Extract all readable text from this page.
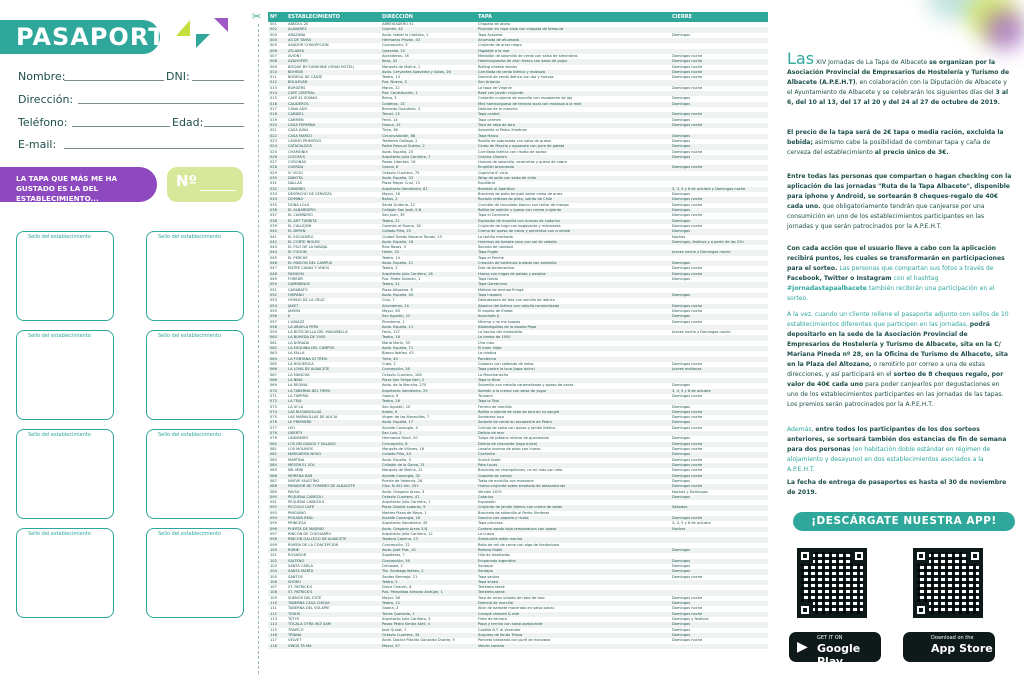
PASAPORTE
Nombre:	DNI:
Dirección:
Teléfono:	Edad:
E-mail:
LA TAPA QUE MÁS ME HA GUSTADO ES LA DEL ESTABLECIMIENTO...
Nº
Sello del establecimiento	Sello del establecimiento
Sello del establecimiento	Sello del establecimiento
Sello del establecimiento	Sello del establecimiento
Sello del establecimiento	Sello del establecimiento
✂ Nº	ESTABLECIMIENTO	DIRECCIÓN	TAPA	CIERRE
001	ABEDUL 20	ABREVIADERO 51	Chapata de otoño
002	ALAVAREZ	Carmen, 42	Picantón en ropa vieja con chapata de tempura
003	ARAZANA	Avda. Isabel la Católica, 1	Tapa Arazana	Domingos
004	AS DE TAPAS	Hermanos Pinzón, 43	Ahumado de ahumado
005	ASADOR CONCEPCIÓN	Concepción, 3	Crujiente de arroz negro
006	ATLANTA	Quevedo, 22	Higaldije a la mar
007	AVIÓN I	Alcanderos, 16	Medallón de solomillo de cerdo con salsa de almendras	Domingos noche
008	AZAHOFÉR	Ibiza, 42	Hamburguesita de atún fresco con salsa de yogur	Domingos noche
009	BISQUE BY SUNSHINE (GRAN HOTEL)	Marqués de Molins, 1	Rolling cheese stones	Domingos noche
010	BOHEDE	Avda. Cervantes Saavedra y Sotos, 26	Carrillada de cerdo ibérico y mostaza	Domingos noche
011	BODEGA DE CÁDIZ	Teatro, 14	Dominó de cerdo ibérico con ibo y huevos	Domingos noche
012	BOULEVAR	Pza. Nueva, 3	San Antonio
013	BURGERS	Marzo, 22	La tapa de Virginie	Domingos noche
014	CAFÉ CENTRAL	Pza. Constitución, 1	Rosé con jamón crujiente
015	CAFÉ EL SOMAO	Reina, 3	Cardelán crujiente de morcilla con escabeche de ajo	Domingos
016	CALIDEROS	Calderos, 13	Mini hamburguesa de ternera local con mostaza a la miel	Domingos
017	CAÑA ADO	Bernedo Guardiola, 3	Delicias de la mancha
018	CARDIEL	Teruel, 13	Tapa cardiel	Domingos noche
019	CARMEN	Feria, 14	Tapa carmen	Domingos
020	CASA FERMINA	Gaona, 15	Taco de rabo de toro	Domingos noche
021	CASA JUAN	Tinte, 36	Solomillo al Pedro Ximénez
022	CASA MARCO	Circunvalación, 86	Tapa Marco	Domingos
023	CASINO PRIMITIVO	Tesifonte Gallego, 2	Rodillo de sobrasada con salsa de queso	Domingos
024	CATACALDOS	Padre Pascual Suárez, 2	Cerdo de Mezcla y aguacate con pure de patata	Domingos
025	CHAMONIX	Avda. España, 20	Carrillada ibérica con risotto de queso	Domingos noche
026	CLEOFA'S	Arquitecto Julio Carrilero, 7	Concha Cleofa's	Domingos
027	CORONAS	Paseo Libertad, 16	Huevos de solomillo, verduritas y queso de cabra
028	CUERDA	Gracia, 6	Empiñón bronceado	Domingos noche
029	D' VICIO	Octavio Cuartero, 75	Capricho d' vicio
030	DAKOTA	Avda. España, 33	Wrap de pollo con salsa de chile
031	DALLAS	Plaza Mayor Cruz, 13	Equilibrio
032	DIMARBO	Arquitecto Vandelvira, 61	Bombón al Aperitivo	3, 4, 5 y 6 de octubre y Domingos noche
033	DESPACHO DE CERVEZA	Mayor, 16	Brocheta de pollo teriyaki sobre cama de arroz	Domingos
034	DOMINO	Baños, 2	Raviolis rellenos de pisto, sofrito de Chile	Domingos noche
035	DOÑA LOLA	Santa Quiteria, 22	Crumble de chocolate blanco con tartar de mango	Domingos noche
036	EL ALBARDERO	Callejón San José, 5-N	Rollito de salmón y queso con crema crujiente	Domingos
037	EL CAMINERO	San Juan, 39	Tapa el Caminero	Domingos noche
038	EL ART TURBITA	Teatro, 21	Explosión de morcilla con huevos de codorniz	Domingos
039	EL CALLEJÓN	Guzmán el Bueno, 18	Crujiente de trigo con bogavante y mahonesa	Domingos noche
040	EL DIPIEN	Collado Piña, 25	Crema de queso de cabra y pimientos con crumble	Domingos
041	EL ESCUDERO	Ciudad Tomás Navarro Tomás, 13	La tortilla mechada	Noches
042	EL CORTE INGLÉS	Avda. España, 18	Hummus de tomate seco con sal de cebolla	Domingos, festivos y a partir de las 22h
043	EL FILO DE LA NAVAJA	Ríos Rosas, 3	Sacarto de navidad
044	EL FOGÓN	Hellín, 25	Tapa Fogón	Jueves noche y Domingos noche
045	EL PERCHE	Teatro, 14	Tapa el Perche
046	EL RINCÓN DEL CAMPUS	Avda. España, 21	Creación de tubérculo trufado con solomillo	Domingos
047	ENTRE CAÑAS Y VINOS	Teatro, 2	Dúo de berberechos	Domingos noche
048	FASHION	Arquitecto Julio Carrilero, 16	Huevo con migas de patata y patatas	Domingos noche
049	FOREDR	Pza. Padre Damián, 1	Tapa forbio	Domingos
050	GAMBRINUS	Teatro, 21	Tapa Gambrinus
051	GARABATO	Plaza Altozano, 8	Mollete de anchoa Pringá
052	HISPANO	Avda. España, 45	Tapa hispano	Domingos
053	HORNO DE LA CRUZ	Cruz, 7	Delicatessen de foie con semilla de ibérico
054	JAKET	Alcanderos, 14	Abanico del ibérico con cebolla caramelizada	Domingos noche
055	JAMÓN	Mayor, 63	El espeto de Eneba	Domingos noche
056	JI	San Agustín, 12	Alcachofa JI	Domingos
057	L'ARIAZZ	Pinedrena, 1	Mínimo y no me toques	Domingos noche
058	LA ABUELA PEPA	Avda. España, 11	Albóndiguillas de la abuela Pepa
059	LA BOTICUELLA DEL MADUBELLA	Feria, 127	La bocina del madubella	Jueves noche y Domingos noche
060	LA BÚHEDA DE 1950	Teatro, 16	La bimba de 1950
061	LA DORADA	María Marín, 55	Una más
062	LA ESQUINA DEL CAMPUS	Avda. España, 71	El buen hijito
063	LA FALLA	Blasco Ibáñez, 43	La mística
064	LA FONTANA DI TREVI	Tinte, 40	Ponderina
065	LA HIGUERICA	Cuba, 2	Calamar con salteado de setas	Domingos noche
066	LA LONA DE ALBACETE	Concepción, 28	Tapa postre la lona (tapa dulce)	Jueves mañanas
067	LA MANCHA	Octavio Cuartero, 106	La Manchanecha
068	LA NINA	Plaza San Felipe Neri, 2	Tapa la Nina
069	LA REGINA	Avda. de la Mancha, 270	Solomillo con cebolla caramelizada y queso de cabra	Domingos
070	LA TABERNA DEL TIRPA	Arquitecto Vandelvira, 29	Salmón a la crema con salsa de yogur	3, 4, 5 y 6 de octubre
071	LA TAPERIA	Gaona, 9	Tsunami	Domingos noche
072	LA TEJA	Teatro, 26	Tapa la Teja
073	LA UÍ LA	San Agustín, 10	Ferrero de morcilla	Domingos
074	LAS BUGANVILLAS	Arado, 9	Rollito crujiente de rabo de toro en su sangre	Domingos noche
075	LAS MARAVILLAS DE ALICIA	Virgen de las Maravillas, 7	Sombrero loco	Domingos noche
076	LE PREMIERE	Avda. España, 17	Sorbete de cerdo en escabeche de Pedro	Domingos
077	LEO	Alcalde Conangla, 4	Cartuja de salsa con queso y jamón ibérico	Domingos noche
078	LIBERTY	San Luis, 2	Delicia de mar
079	LINDMEIRO	Hermanos Falcó, 20	Tulipa de plátano relleno de guacamole	Domingos
080	LOS DELGADOS Y SALADO	Concepción, 6	Delicia de chocolate (tapa dulce)	Domingos noche
081	LOS MOLINOS	Marqués de Villores, 16	Lasaña inversa de pisto con huevo	Domingos noche
082	MARGARITA NOVO	Collado Piña, 43	Cochinita	Domingos
083	MARTINA	Avda. España, 3	Scotch Ibote	Domingos noche
084	MESÓN EL SOL	Callejón de la Garza, 21	Pato Lucas	Domingos noche
085	MIL MINI	Marqués de Molins, 12	Brocheta de champiñones, no mi más con velo	Domingos noche
086	MORENA BAR	Alcalde Conangla, 32	Coqueta de conejo	Domingos noche
087	NUEVE FAUSTINO	Puerta de Valencia, 26	Tosta de morcilla con manzana	Domingos
088	PARADOR DE TURISMO DE ALBACETE	Ctra. N-301 km. 251	Huevo crujiente sobre ensalada de atascaburras	Domingos noche
089	PAVSA	Avda. Gregorio Arcos, 3	Versión 2019	Noches y Domingos
090	PEQUEÑA CABEZA I	Octavio Cuartero, 41	Catarina	Domingos
091	PEQUEÑA CABEZA II	Arquitecto Julio Carrilero, 1	Expresión
092	PICCOLO CAFÉ	Plaza Gabriel Lodares, 9	Crujiente de jamón ibérico con crema de setas	Sábados
093	PINGÜINO	Madres Plaza de Mayo, 1	Brocheta de solomillo al Pedro Ximénez
094	POSADA REAL	Alcalde Conangla, 18	Gancho con papada y ricota	Domingos noche
095	PRINCESA	Arquitecto Vandelvira, 45	Tapa princesa	3, 4, 5 y 6 de octubre
096	PUERTA DE MADRID	Avda. Gregorio Arcos 3-N	Cordero asado baja temperatura con queso	Noches
097	RINCÓN DE CHICHARRO	Arquitecto Julio Carrilero, 12	La cueva
098	RINCÓN GALLEGO DE ALBACETE	Teodoro Camino, 13	Zamburiña estilo marina
099	RIVERA DE LA CONCEPCIÓN	Concepción, 22	Rollo de roll de carne con aigo de hierbaluisa
100	RUBIK	Avda. José Prat, 10	Relleno Rubik	Domingos
101	ROSADOR	Zapateros, 7	Hilo de lasañadas
102	SALTEÑO	Concepción, 26	Empanada argentina	Domingos
103	SANTA CARLA	Ormosea, 2	Santapa	Domingos
104	SANTA MARTA	Tte. Santiago Ibáñez, 2	Santapa	Domingos
105	SANTOS	Santos Bermejo, 21	Tapa santos	Domingos noche
106	SHOKO	Teatro, 5	Tapa shoko
107	ST. PATRICK'S	Dulce Chacón, 8	Tarteleta-steak
108	ST. PATRICK'S	Pza. Periodista Antonio Andújar, 1	Tarteleta-steak
109	SUEÑOS DEL ESTE	Mayor, 58	Taco de arroz untado de rabo de toro	Domingos noche
110	TABERNA CASA CHIQUI	Teatro, 12	Dominó de morcilla	Domingos
111	TABERNA DEL VOLAPIÉ	Gaona, 3	Atún de barbate macerado en salsa ponzu	Domingos noche
112	TEDHS	Torres Quevedo, 1	Canapé cheviee & ride	Domingos noche
113	TETYS	Arquitecto Julio Carrilero, 3	Flete de ternera	Domingos y festivos
114	TOCALA OTRA VEZ SAM	Paseo Pedro Simón Abril, 4	Papa y terrina con salsa agripicante	Domingos
115	TRAPICO	José Quirat, 7	Costilla B.T. al Varandor	Domingos
116	TRIANA	Octavio Cuartero, 34	Suspiros de fondo Triana	Domingos
117	VELVET	Avda. Doctor Plácido González Duarte, 9	Panceta braseada con puré de manzana	Domingos noche
118	VINOS TA MA	Mayor, 47	Volcán canario
Las XIV Jornadas de La Tapa de Albacete se organizan por la Asociación Provincial de Empresarios de Hostelería y Turismo de Albacete (A.P.E.H.T), en colaboración con la Diputación de Albacete y el Ayuntamiento de Albacete y se celebrarán los siguientes días del 3 al 6, del 10 al 13, del 17 al 20 y del 24 al 27 de octubre de 2019.
El precio de la tapa será de 2€ tapa o media ración, excluida la bebida; asimismo cabe la posibilidad de combinar tapa y caña de cerveza del establecimiento al precio único de 3€.
Entre todas las personas que compartan o hagan checking con la aplicación de las jornadas "Ruta de la Tapa Albacete", disponible para iphone y Android, se sortearán 8 cheques-regalo de 40€ cada uno. que obligatoriamente tendrán que canjearse por una consumición en uno de los establecimientos participantes en las jornadas y que serán patrocinados por la A.P.E.H.T.
Con cada acción que el usuario lleve a cabo con la aplicación recibirá puntos, los cuales se transformarán en participaciones para el sorteo. Las personas que compartan sus fotos a través de Facebook, Twitter o Instagram con el hashtag #jornadastapaalbacete también recibirán una participación en el sorteo.
A la vez, cuando un cliente rellene el pasaporte adjunto con sellos de 10 establecimientos diferentes que participen en las jornadas, podrá depositarlo en la sede de la Asociación Provincial de Empresarios de Hostelería y Turismo de Albacete, sita en la C/ Mariana Pineda nº 28, en la Oficina de Turismo de Albacete, sita en la Plaza del Altozano, o remitirlo por correo a una de estas direcciones, y así participará en el sorteo de 8 cheques regalo, por valor de 40€ cada uno para poder canjearlos por degustaciones en uno de los establecimientos participantes en las jornadas de las tapas. Los premios serán patrocinados por la A.P.E.H.T.
Además, entre todos los participantes de los dos sorteos anteriores, se sorteará también dos estancias de fin de semana para dos personas (en habitación doble estándar en régimen de alojamiento y desayuno) en dos establecimientos asociados a la A.P.E.H.T.
La fecha de entrega de pasaportes es hasta el 30 de noviembre de 2019.
¡DESCÁRGATE NUESTRA APP!
▶
GET IT ON
Google Play
Download on the
App Store
